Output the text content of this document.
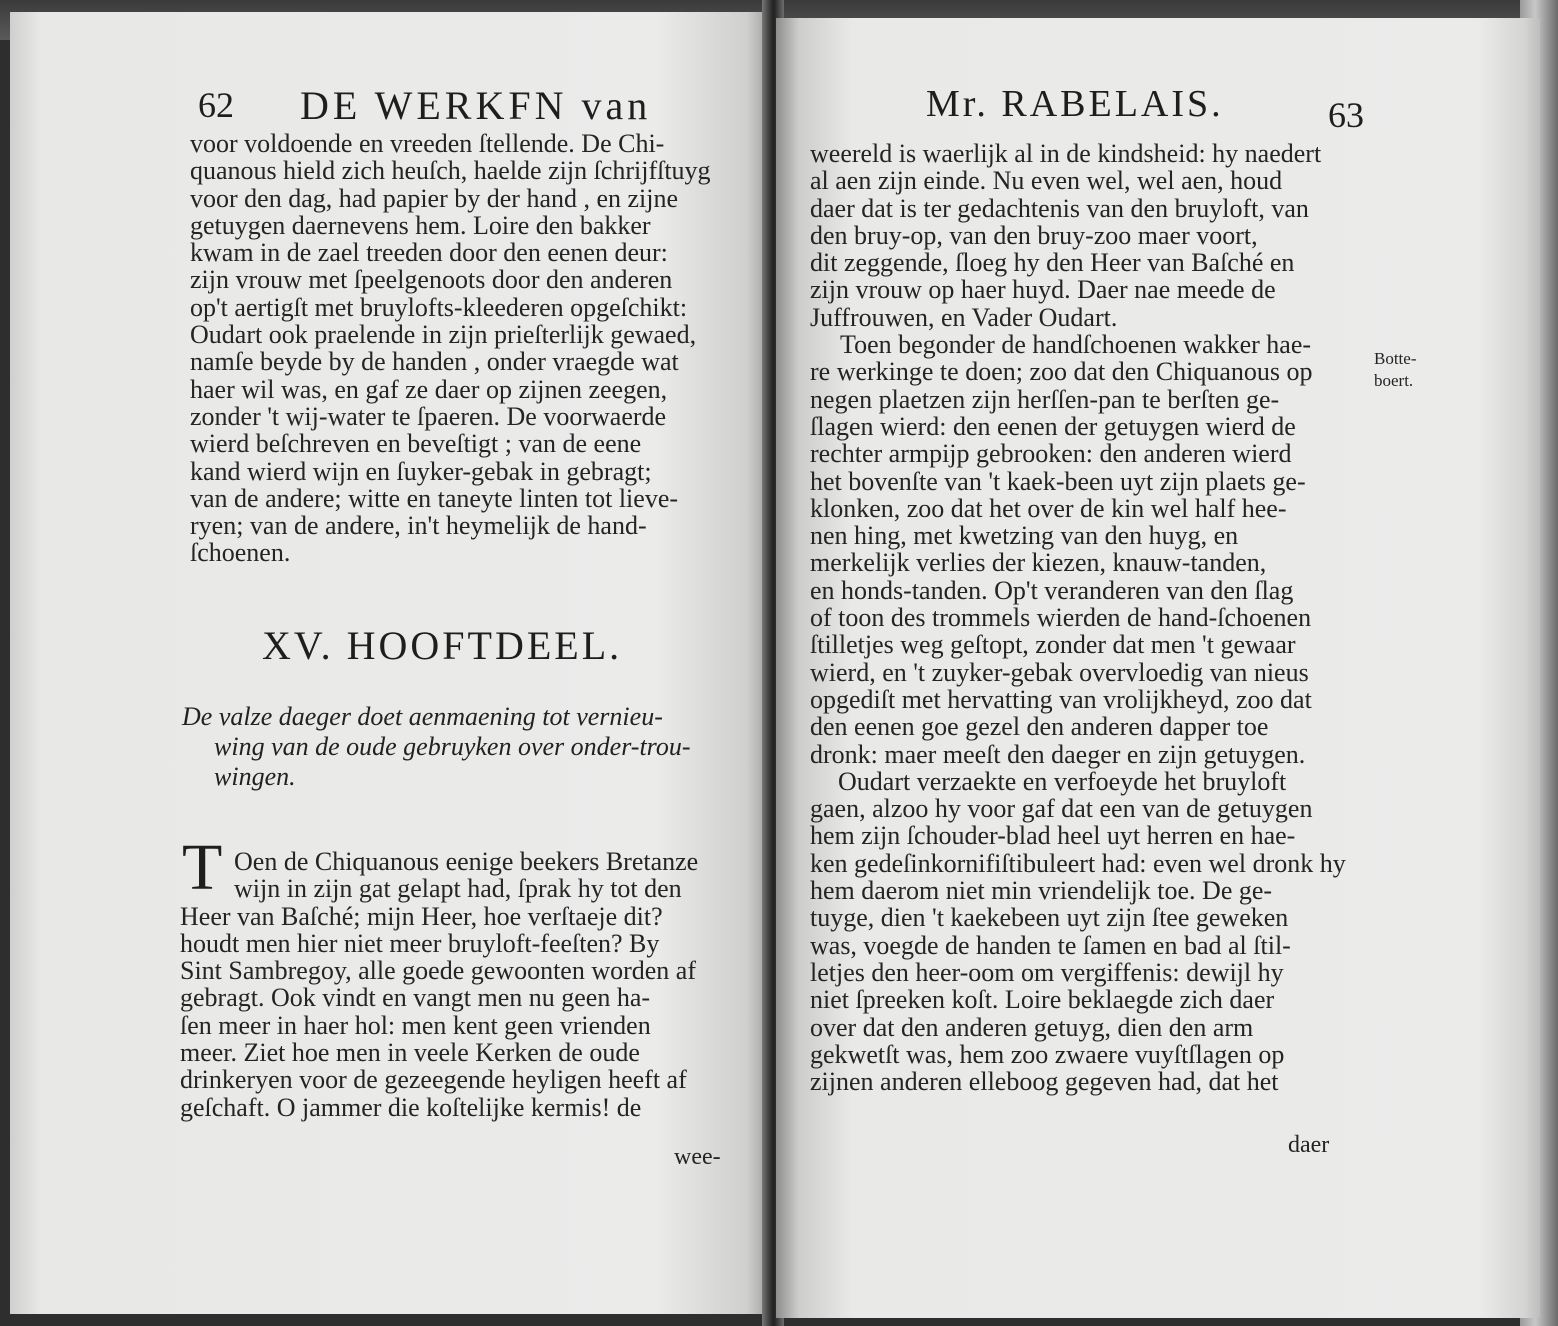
62 DE WERKFN van
voor voldoende en vreeden ſtellende. De Chi-
quanous hield zich heuſch, haelde zijn ſchrijfſtuyg
voor den dag, had papier by der hand , en zijne
getuygen daernevens hem. Loire den bakker
kwam in de zael treeden door den eenen deur:
zijn vrouw met ſpeelgenoots door den anderen
op't aertigſt met bruylofts-kleederen opgeſchikt:
Oudart ook praelende in zijn prieſterlijk gewaed,
namſe beyde by de handen , onder vraegde wat
haer wil was, en gaf ze daer op zijnen zeegen,
zonder 't wij-water te ſpaeren. De voorwaerde
wierd beſchreven en beveſtigt ; van de eene
kand wierd wijn en ſuyker-gebak in gebragt;
van de andere; witte en taneyte linten tot lieve-
ryen; van de andere, in't heymelijk de hand-
ſchoenen.
XV. HOOFTDEEL.
De valze daeger doet aenmaening tot vernieu-
wing van de oude gebruyken over onder-trou-
wingen.
T Oen de Chiquanous eenige beekers Bretanze
wijn in zijn gat gelapt had, ſprak hy tot den
Heer van Baſché; mijn Heer, hoe verſtaeje dit?
houdt men hier niet meer bruyloft-feeſten? By
Sint Sambregoy, alle goede gewoonten worden af
gebragt. Ook vindt en vangt men nu geen ha-
ſen meer in haer hol: men kent geen vrienden
meer. Ziet hoe men in veele Kerken de oude
drinkeryen voor de gezeegende heyligen heeft af
geſchaft. O jammer die koſtelijke kermis! de
wee-
Mr. RABELAIS.	63
weereld is waerlijk al in de kindsheid: hy naedert
al aen zijn einde. Nu even wel, wel aen, houd
daer dat is ter gedachtenis van den bruyloft, van
den bruy-op, van den bruy-zoo maer voort,
dit zeggende, ſloeg hy den Heer van Baſché en
zijn vrouw op haer huyd. Daer nae meede de
Juffrouwen, en Vader Oudart.
Toen begonder de handſchoenen wakker hae-
re werkinge te doen; zoo dat den Chiquanous op
negen plaetzen zijn herſſen-pan te berſten ge-
ſlagen wierd: den eenen der getuygen wierd de
rechter armpijp gebrooken: den anderen wierd
het bovenſte van 't kaek-been uyt zijn plaets ge-
klonken, zoo dat het over de kin wel half hee-
nen hing, met kwetzing van den huyg, en
merkelijk verlies der kiezen, knauw-tanden,
en honds-tanden. Op't veranderen van den ſlag
of toon des trommels wierden de hand-ſchoenen
ſtilletjes weg geſtopt, zonder dat men 't gewaar
wierd, en 't zuyker-gebak overvloedig van nieus
opgediſt met hervatting van vrolijkheyd, zoo dat
den eenen goe gezel den anderen dapper toe
dronk: maer meeſt den daeger en zijn getuygen.
Oudart verzaekte en verfoeyde het bruyloft
gaen, alzoo hy voor gaf dat een van de getuygen
hem zijn ſchouder-blad heel uyt herren en hae-
ken gedeſinkornifiſtibuleert had: even wel dronk hy
hem daerom niet min vriendelijk toe. De ge-
tuyge, dien 't kaekebeen uyt zijn ſtee geweken
was, voegde de handen te ſamen en bad al ſtil-
letjes den heer-oom om vergiffenis: dewijl hy
niet ſpreeken koſt. Loire beklaegde zich daer
over dat den anderen getuyg, dien den arm
gekwetſt was, hem zoo zwaere vuyſtſlagen op
zijnen anderen elleboog gegeven had, dat het
Botte-
boert.
daer
